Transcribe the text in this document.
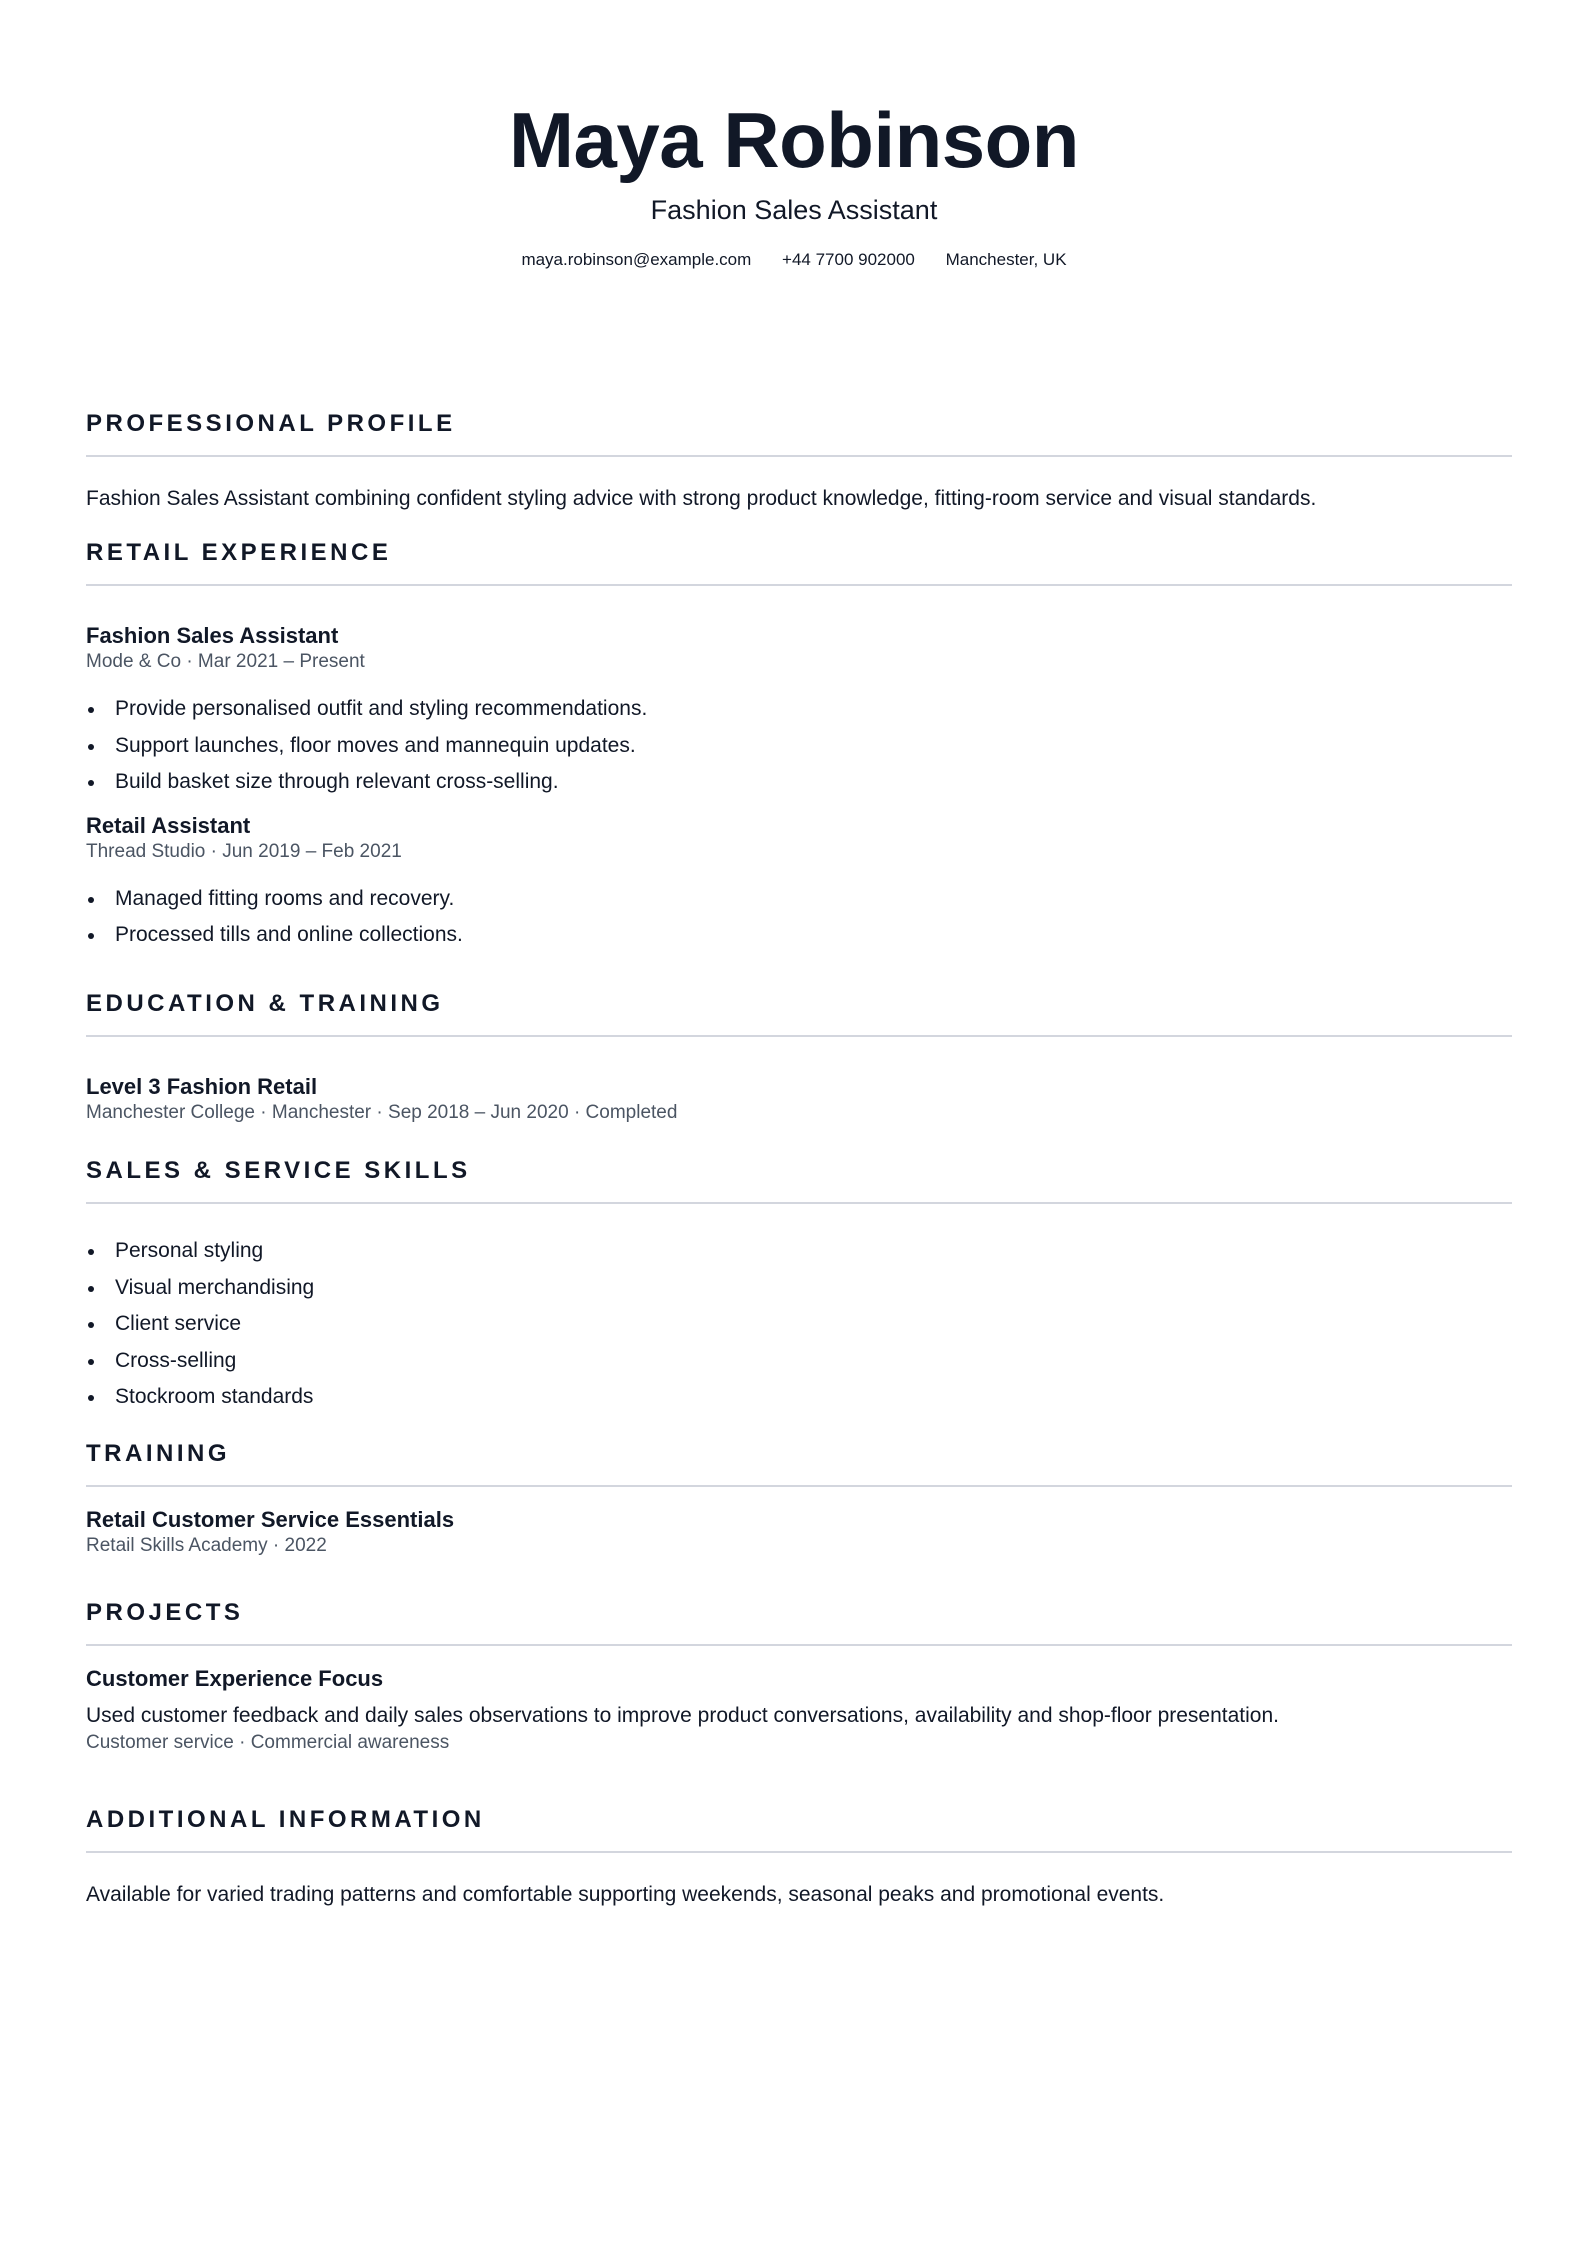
Maya Robinson
Fashion Sales Assistant
maya.robinson@example.com +44 7700 902000 Manchester, UK
PROFESSIONAL PROFILE
Fashion Sales Assistant combining confident styling advice with strong product knowledge, fitting-room service and visual standards.
RETAIL EXPERIENCE
Fashion Sales Assistant
Mode & Co · Mar 2021 – Present
Provide personalised outfit and styling recommendations.
Support launches, floor moves and mannequin updates.
Build basket size through relevant cross-selling.
Retail Assistant
Thread Studio · Jun 2019 – Feb 2021
Managed fitting rooms and recovery.
Processed tills and online collections.
EDUCATION & TRAINING
Level 3 Fashion Retail
Manchester College · Manchester · Sep 2018 – Jun 2020 · Completed
SALES & SERVICE SKILLS
Personal styling
Visual merchandising
Client service
Cross-selling
Stockroom standards
TRAINING
Retail Customer Service Essentials
Retail Skills Academy · 2022
PROJECTS
Customer Experience Focus
Used customer feedback and daily sales observations to improve product conversations, availability and shop-floor presentation.
Customer service · Commercial awareness
ADDITIONAL INFORMATION
Available for varied trading patterns and comfortable supporting weekends, seasonal peaks and promotional events.
